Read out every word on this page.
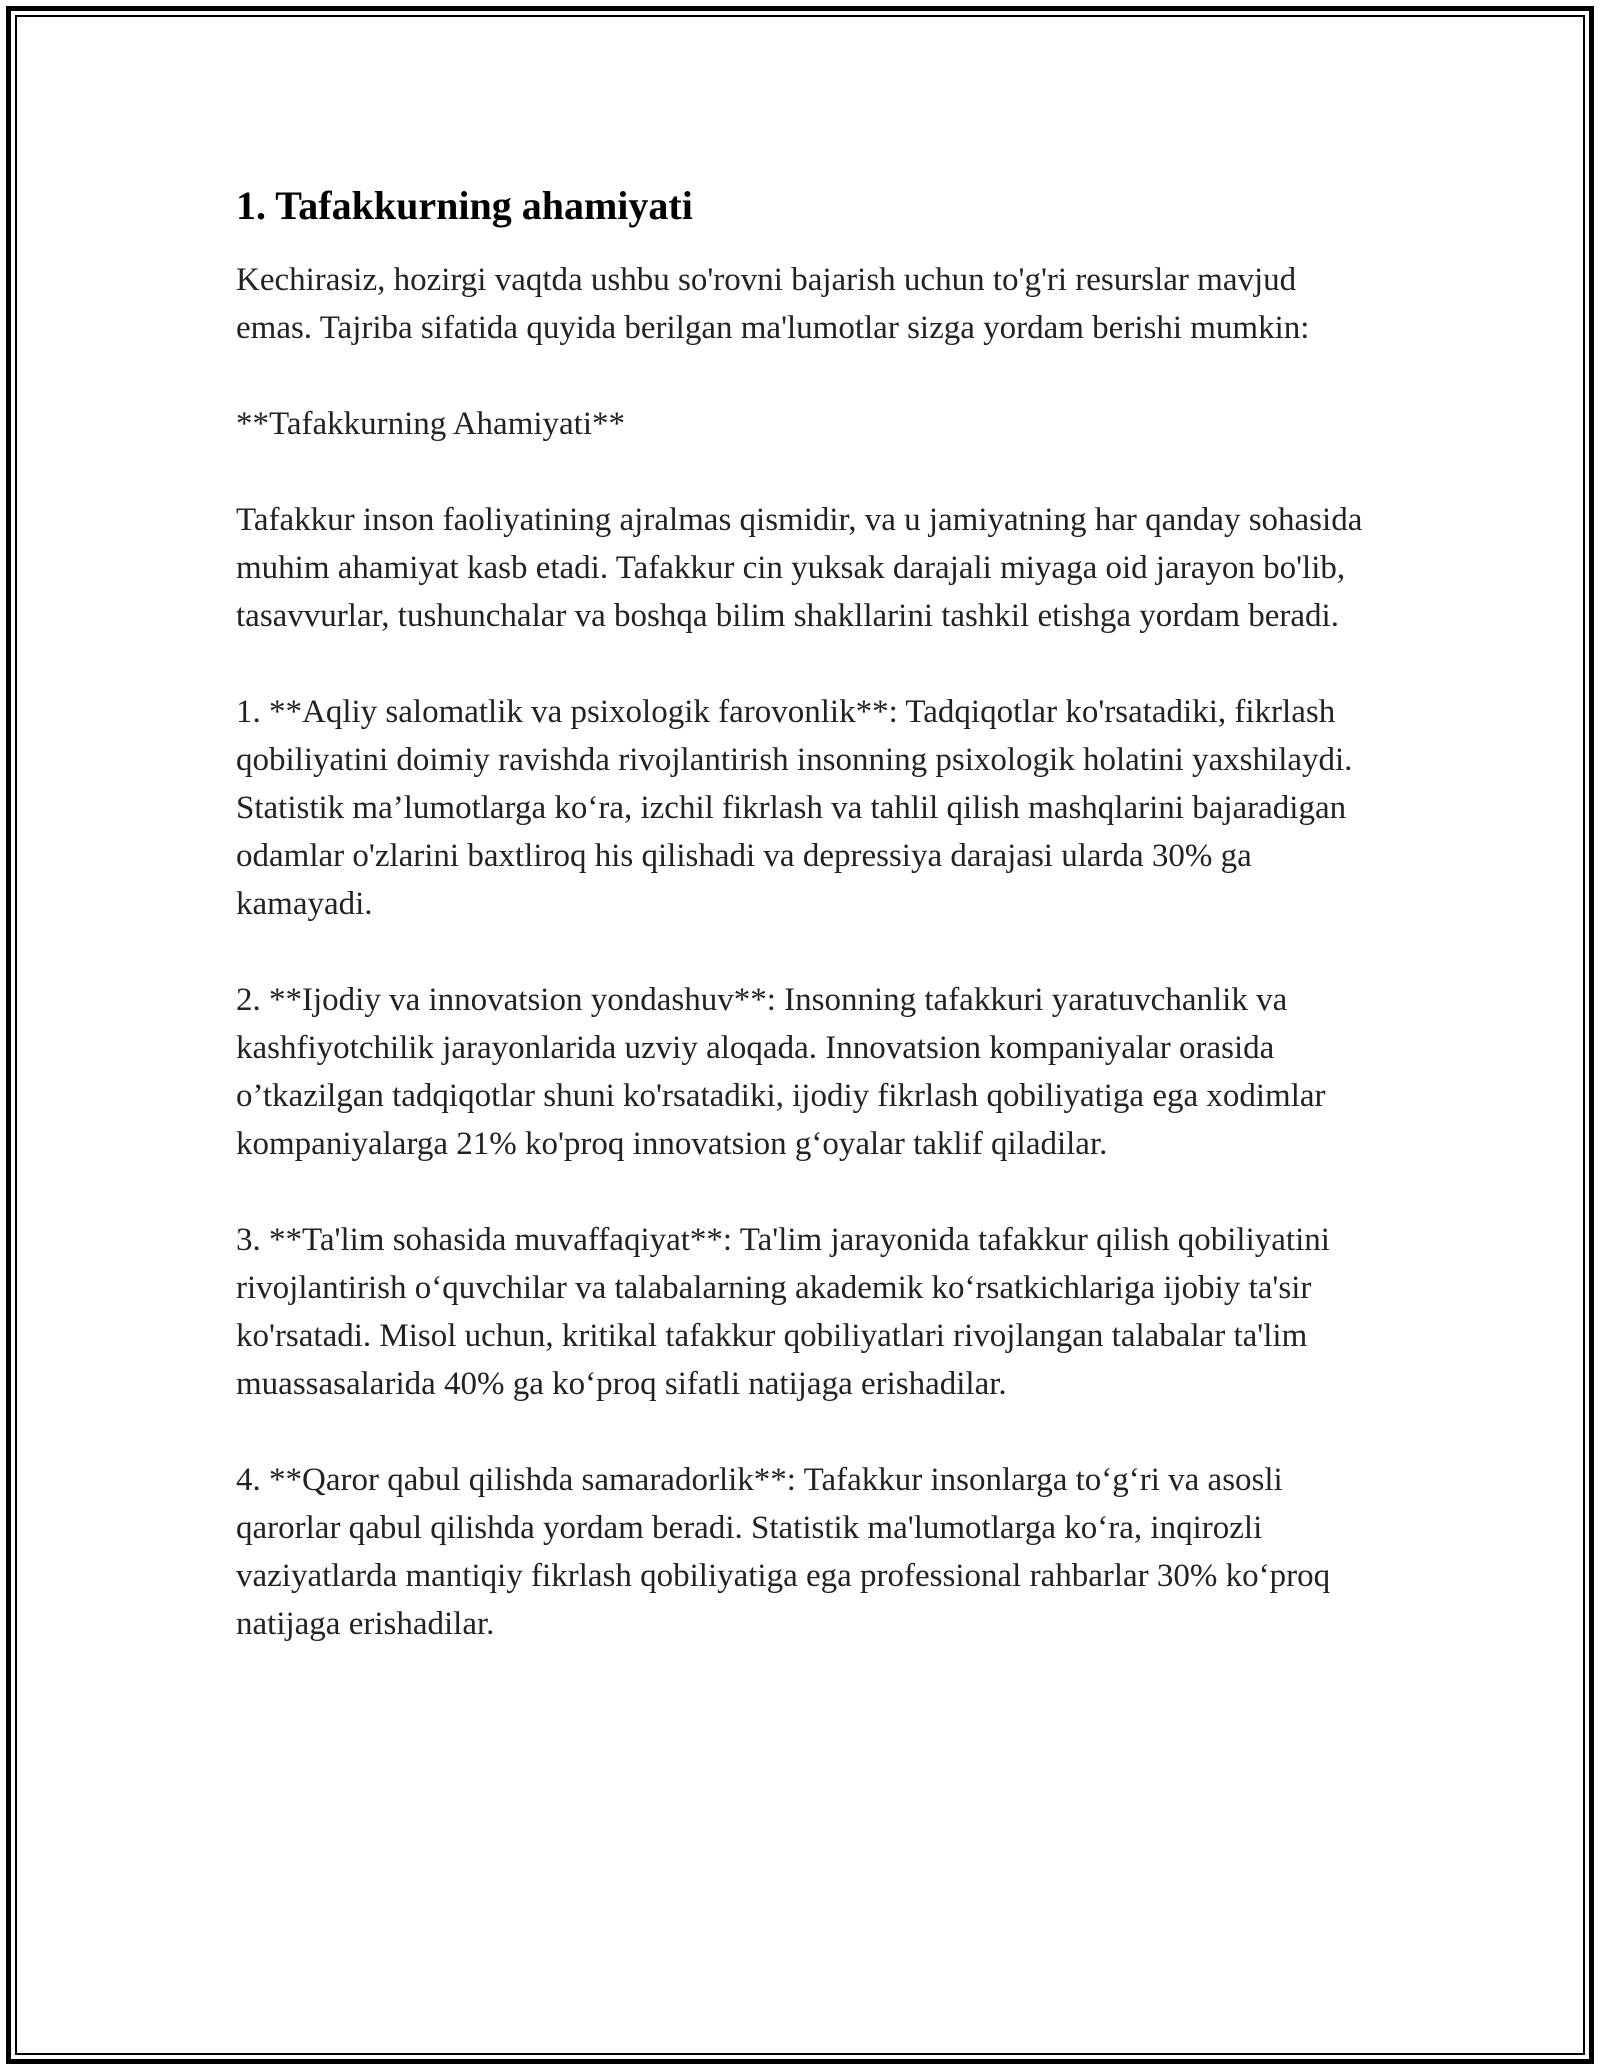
1. Tafakkurning ahamiyati

Kechirasiz, hozirgi vaqtda ushbu so'rovni bajarish uchun to'g'ri resurslar mavjud emas. Tajriba sifatida quyida berilgan ma'lumotlar sizga yordam berishi mumkin:

**Tafakkurning Ahamiyati**

Tafakkur inson faoliyatining ajralmas qismidir, va u jamiyatning har qanday sohasida muhim ahamiyat kasb etadi. Tafakkur cin yuksak darajali miyaga oid jarayon bo'lib, tasavvurlar, tushunchalar va boshqa bilim shakllarini tashkil etishga yordam beradi.

1. **Aqliy salomatlik va psixologik farovonlik**: Tadqiqotlar ko'rsatadiki, fikrlash qobiliyatini doimiy ravishda rivojlantirish insonning psixologik holatini yaxshilaydi. Statistik ma’lumotlarga ko‘ra, izchil fikrlash va tahlil qilish mashqlarini bajaradigan odamlar o'zlarini baxtliroq his qilishadi va depressiya darajasi ularda 30% ga kamayadi.

2. **Ijodiy va innovatsion yondashuv**: Insonning tafakkuri yaratuvchanlik va kashfiyotchilik jarayonlarida uzviy aloqada. Innovatsion kompaniyalar orasida o’tkazilgan tadqiqotlar shuni ko'rsatadiki, ijodiy fikrlash qobiliyatiga ega xodimlar kompaniyalarga 21% ko'proq innovatsion g‘oyalar taklif qiladilar.

3. **Ta'lim sohasida muvaffaqiyat**: Ta'lim jarayonida tafakkur qilish qobiliyatini rivojlantirish o‘quvchilar va talabalarning akademik ko‘rsatkichlariga ijobiy ta'sir ko'rsatadi. Misol uchun, kritikal tafakkur qobiliyatlari rivojlangan talabalar ta'lim muassasalarida 40% ga ko‘proq sifatli natijaga erishadilar.

4. **Qaror qabul qilishda samaradorlik**: Tafakkur insonlarga to‘g‘ri va asosli qarorlar qabul qilishda yordam beradi. Statistik ma'lumotlarga ko‘ra, inqirozli vaziyatlarda mantiqiy fikrlash qobiliyatiga ega professional rahbarlar 30% ko‘proq natijaga erishadilar.
